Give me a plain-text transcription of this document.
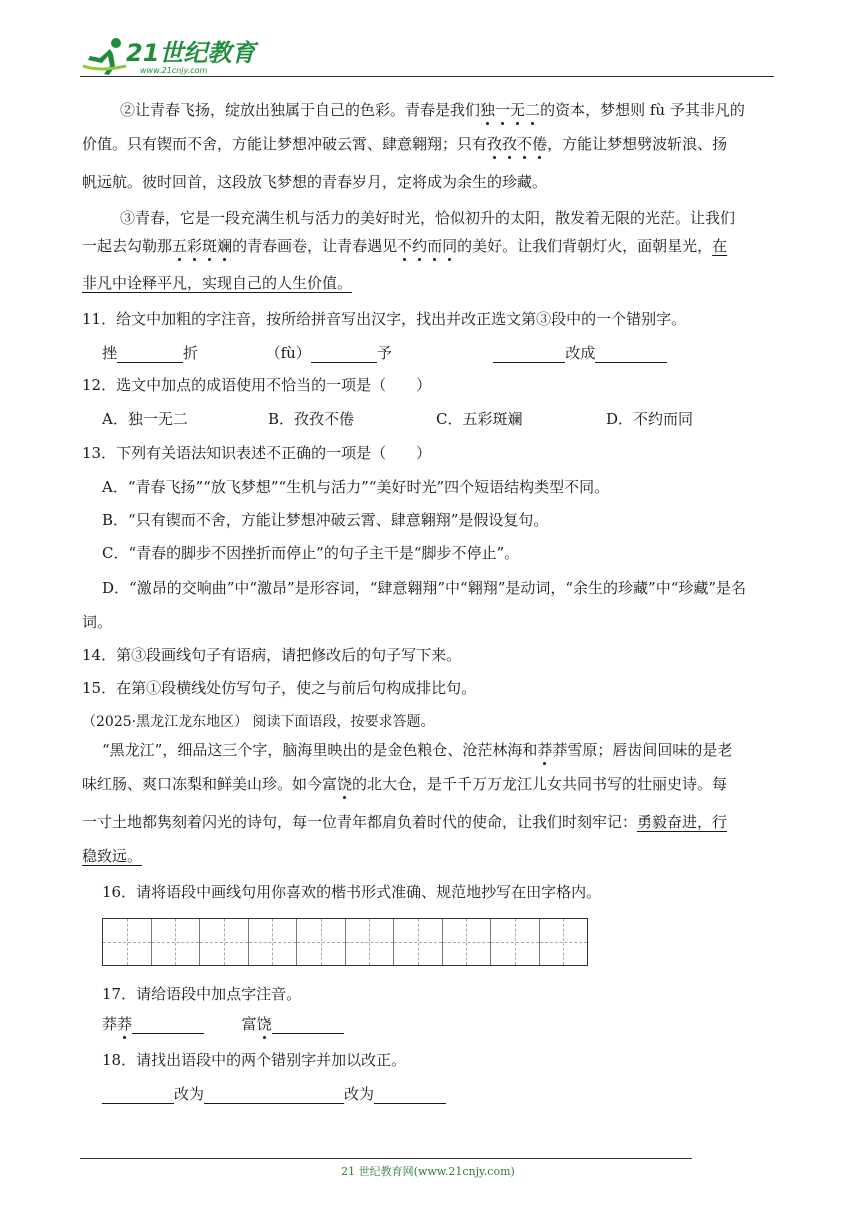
21世纪教育
www.21cnjy.com
②让青春飞扬，绽放出独属于自己的色彩。青春是我们独一无二的资本，梦想则 fù 予其非凡的
价值。只有锲而不舍，方能让梦想冲破云霄、肆意翱翔；只有孜孜不倦，方能让梦想劈波斩浪、扬
帆远航。彼时回首，这段放飞梦想的青春岁月，定将成为余生的珍藏。
③青春，它是一段充满生机与活力的美好时光，恰似初升的太阳，散发着无限的光茫。让我们
一起去勾勒那五彩斑斓的青春画卷，让青春遇见不约而同的美好。让我们背朝灯火，面朝星光，在
非凡中诠释平凡，实现自己的人生价值。
11．给文中加粗的字注音，按所给拼音写出汉字，找出并改正选文第③段中的一个错别字。
挫	折	（fù）	予	改成
12．选文中加点的成语使用不恰当的一项是（　　）
A．独一无二	B．孜孜不倦	C．五彩斑斓	D．不约而同
13．下列有关语法知识表述不正确的一项是（　　）
A．“青春飞扬”“放飞梦想”“生机与活力”“美好时光”四个短语结构类型不同。
B．“只有锲而不舍，方能让梦想冲破云霄、肆意翱翔”是假设复句。
C．“青春的脚步不因挫折而停止”的句子主干是“脚步不停止”。
D．“激昂的交响曲”中“激昂”是形容词，“肆意翱翔”中“翱翔”是动词，“余生的珍藏”中“珍藏”是名
词。
14．第③段画线句子有语病，请把修改后的句子写下来。
15．在第①段横线处仿写句子，使之与前后句构成排比句。
（2025·黑龙江龙东地区） 阅读下面语段，按要求答题。
“黑龙江”，细品这三个字，脑海里映出的是金色粮仓、沧茫林海和莽莽雪原；唇齿间回味的是老
味红肠、爽口冻梨和鲜美山珍。如今富饶的北大仓，是千千万万龙江儿女共同书写的壮丽史诗。每
一寸土地都隽刻着闪光的诗句，每一位青年都肩负着时代的使命，让我们时刻牢记：勇毅奋进，行
稳致远。
16．请将语段中画线句用你喜欢的楷书形式准确、规范地抄写在田字格内。
17．请给语段中加点字注音。
莽莽	富饶
18．请找出语段中的两个错别字并加以改正。
改为	改为
21 世纪教育网(www.21cnjy.com)
